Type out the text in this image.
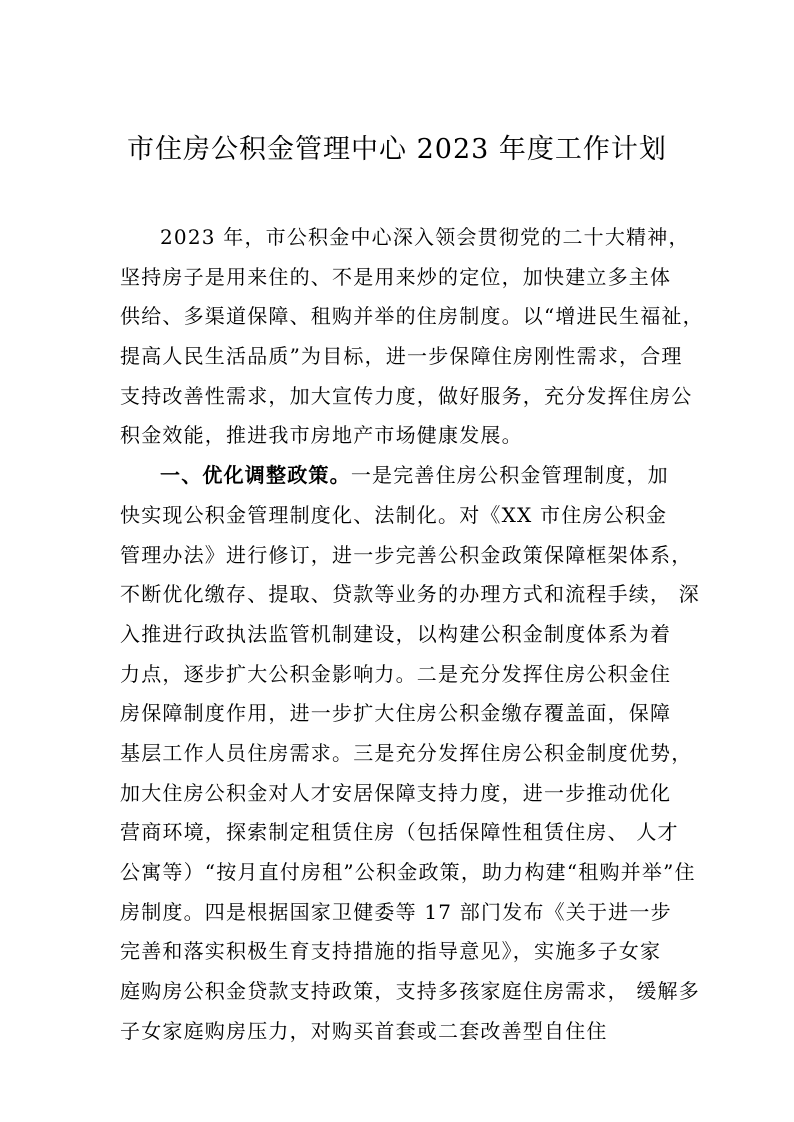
市住房公积金管理中心 2023 年度工作计划
2023 年，市公积金中心深入领会贯彻党的二十大精神，
坚持房子是用来住的、不是用来炒的定位，加快建立多主体
供给、多渠道保障、租购并举的住房制度。以“增进民生福祉，
提高人民生活品质”为目标，进一步保障住房刚性需求，合理
支持改善性需求，加大宣传力度，做好服务，充分发挥住房公
积金效能，推进我市房地产市场健康发展。
一、优化调整政策。一是完善住房公积金管理制度，加
快实现公积金管理制度化、法制化。对《XX 市住房公积金
管理办法》进行修订，进一步完善公积金政策保障框架体系，
不断优化缴存、提取、贷款等业务的办理方式和流程手续， 深
入推进行政执法监管机制建设，以构建公积金制度体系为着
力点，逐步扩大公积金影响力。二是充分发挥住房公积金住
房保障制度作用，进一步扩大住房公积金缴存覆盖面，保障
基层工作人员住房需求。三是充分发挥住房公积金制度优势，
加大住房公积金对人才安居保障支持力度，进一步推动优化
营商环境，探索制定租赁住房（包括保障性租赁住房、 人才
公寓等）“按月直付房租”公积金政策，助力构建“租购并举”住
房制度。四是根据国家卫健委等 17 部门发布《关于进一步
完善和落实积极生育支持措施的指导意见》，实施多子女家
庭购房公积金贷款支持政策，支持多孩家庭住房需求， 缓解多
子女家庭购房压力，对购买首套或二套改善型自住住
